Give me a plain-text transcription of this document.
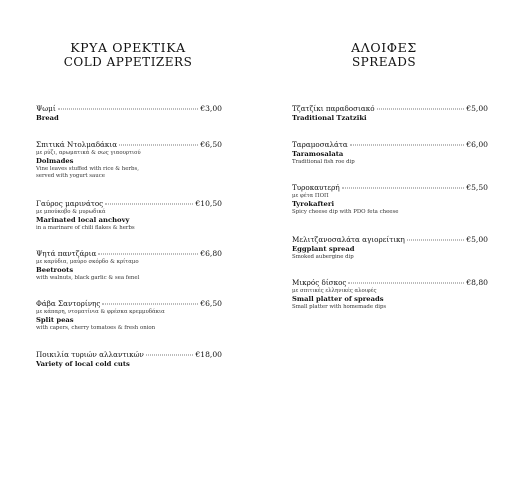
ΚΡΥΑ ΟΡΕΚΤΙΚΑ
COLD APPETIZERS
Ψωμί	€3,00
Bread
Σπιτικά Ντολμαδάκια	€6,50
με ρύζι, αρωματικά & σως γιαουρτιού
Dolmades
Vine leaves stuffed with rice & herbs, served with yogurt sauce
Γαύρος μαρινάτος	€10,50
με μπούκοβο & μυρωδικά
Marinated local anchovy
in a marinare of chili flakes & herbs
Ψητά παντζάρια	€6,80
με καρύδια, μαύρο σκόρδο & κρίταμο
Beetroots
with walnuts, black garlic & sea fenel
Φάβα Σαντορίνης	€6,50
με κάπαρη, ντοματίνια & φρέσκα κρεμμυδάκια
Split peas
with capers, cherry tomatoes & fresh onion
Ποικιλία τυριών αλλαντικών	€18,00
Variety of local cold cuts
ΑΛΟΙΦΕΣ
SPREADS
Τζατζίκι παραδοσιακό	€5,00
Traditional Tzatziki
Ταραμοσαλάτα	€6,00
Taramosalata
Traditional fish roe dip
Τυροκαυτερή	€5,50
με φέτα ΠΟΠ
Tyrokafteri
Spicy cheese dip with PDO feta cheese
Μελιτζανοσαλάτα αγιορείτικη	€5,00
Eggplant spread
Smoked aubergine dip
Μικρός δίσκος	€8,80
με σπιτικές ελληνικές αλοιφές
Small platter of spreads
Small platter with homemade dips
